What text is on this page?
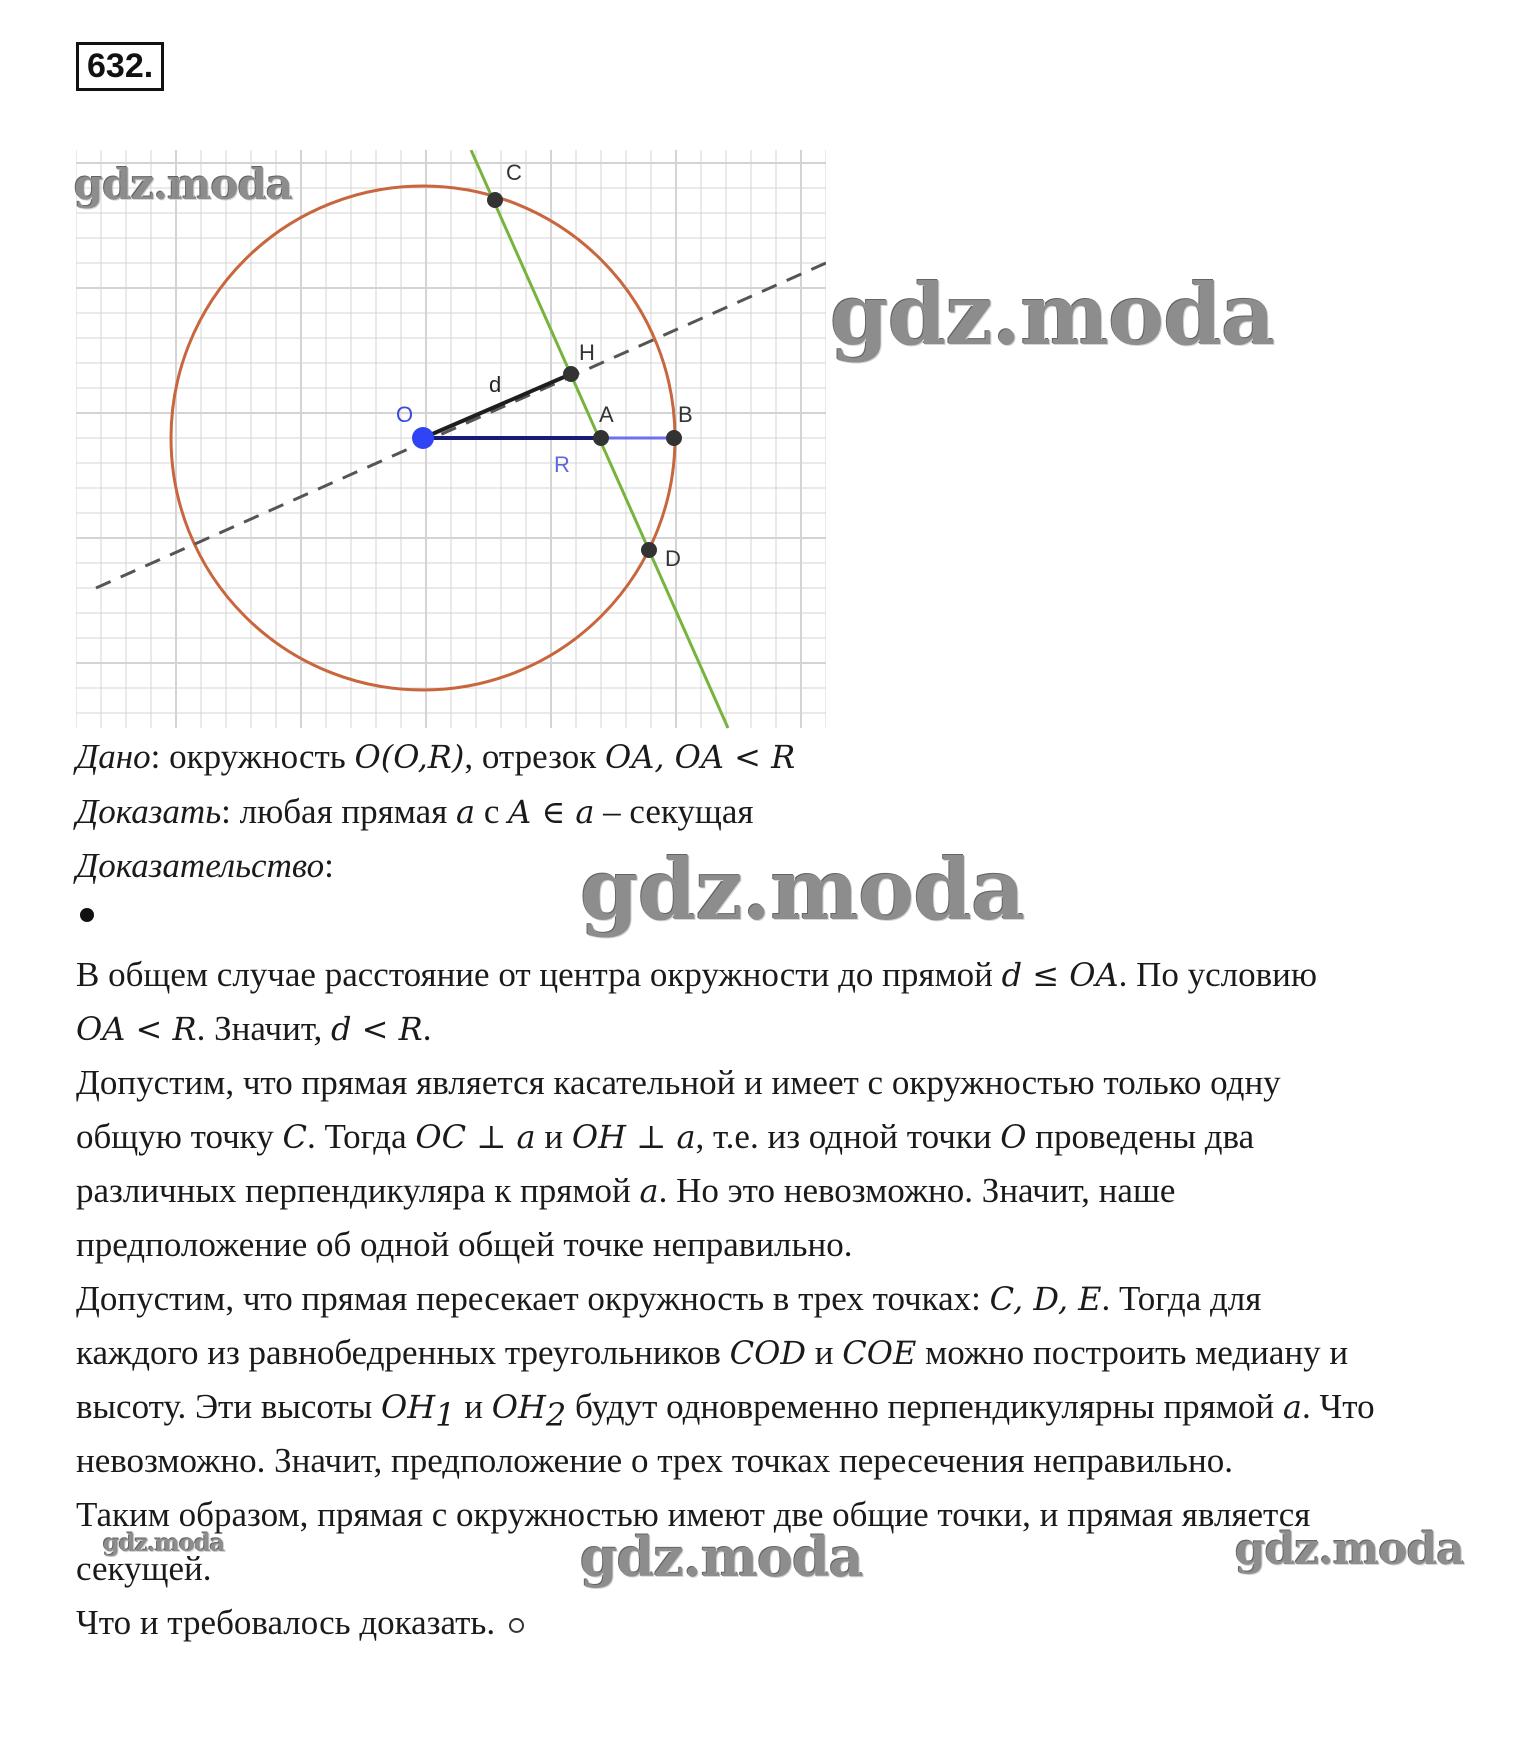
632.
C
H
O	A	B
D
d
R
gdz.moda
gdz.moda
gdz.moda
gdz.moda	gdz.moda	gdz.moda
Дано: окружность O(O,R), отрезок OA, OA < R
Доказать: любая прямая a с A ∈ a – секущая
Доказательство:
В общем случае расстояние от центра окружности до прямой d ≤ OA. По условию
OA < R. Значит, d < R.
Допустим, что прямая является касательной и имеет с окружностью только одну
общую точку C. Тогда OC ⊥ a и OH ⊥ a, т.е. из одной точки O проведены два
различных перпендикуляра к прямой a. Но это невозможно. Значит, наше
предположение об одной общей точке неправильно.
Допустим, что прямая пересекает окружность в трех точках: C, D, E. Тогда для
каждого из равнобедренных треугольников COD и COE можно построить медиану и
высоту. Эти высоты $OH_1$ и $OH_2$ будут одновременно перпендикулярны прямой a. Что
невозможно. Значит, предположение о трех точках пересечения неправильно.
Таким образом, прямая с окружностью имеют две общие точки, и прямая является
секущей.
Что и требовалось доказать.
